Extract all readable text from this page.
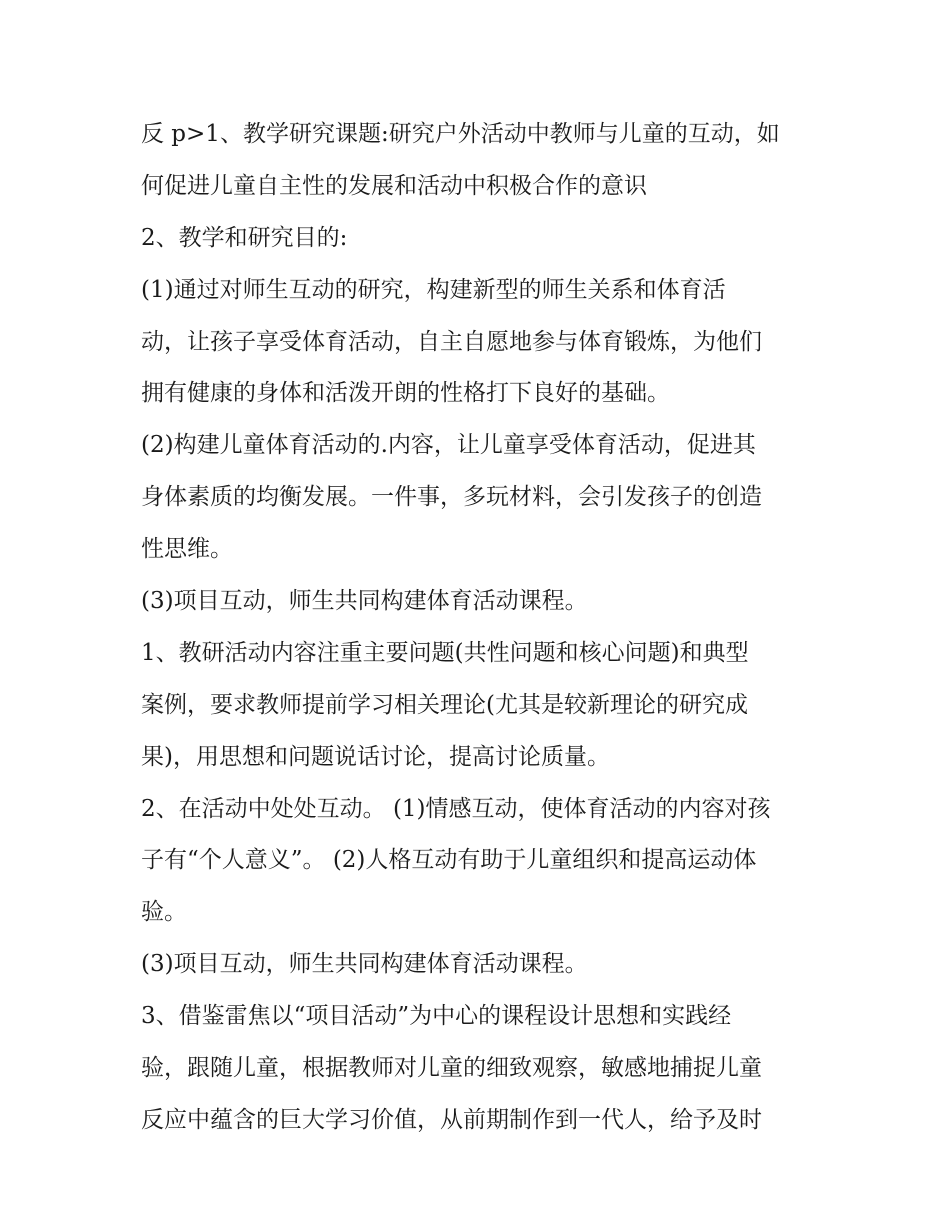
反 p>1、教学研究课题:研究户外活动中教师与儿童的互动，如
何促进儿童自主性的发展和活动中积极合作的意识
2、教学和研究目的:
(1)通过对师生互动的研究，构建新型的师生关系和体育活
动，让孩子享受体育活动，自主自愿地参与体育锻炼，为他们
拥有健康的身体和活泼开朗的性格打下良好的基础。
(2)构建儿童体育活动的.内容，让儿童享受体育活动，促进其
身体素质的均衡发展。一件事，多玩材料，会引发孩子的创造
性思维。
(3)项目互动，师生共同构建体育活动课程。
1、教研活动内容注重主要问题(共性问题和核心问题)和典型
案例，要求教师提前学习相关理论(尤其是较新理论的研究成
果)，用思想和问题说话讨论，提高讨论质量。
2、在活动中处处互动。 (1)情感互动，使体育活动的内容对孩
子有“个人意义”。 (2)人格互动有助于儿童组织和提高运动体
验。
(3)项目互动，师生共同构建体育活动课程。
3、借鉴雷焦以“项目活动”为中心的课程设计思想和实践经
验，跟随儿童，根据教师对儿童的细致观察，敏感地捕捉儿童
反应中蕴含的巨大学习价值，从前期制作到一代人，给予及时
